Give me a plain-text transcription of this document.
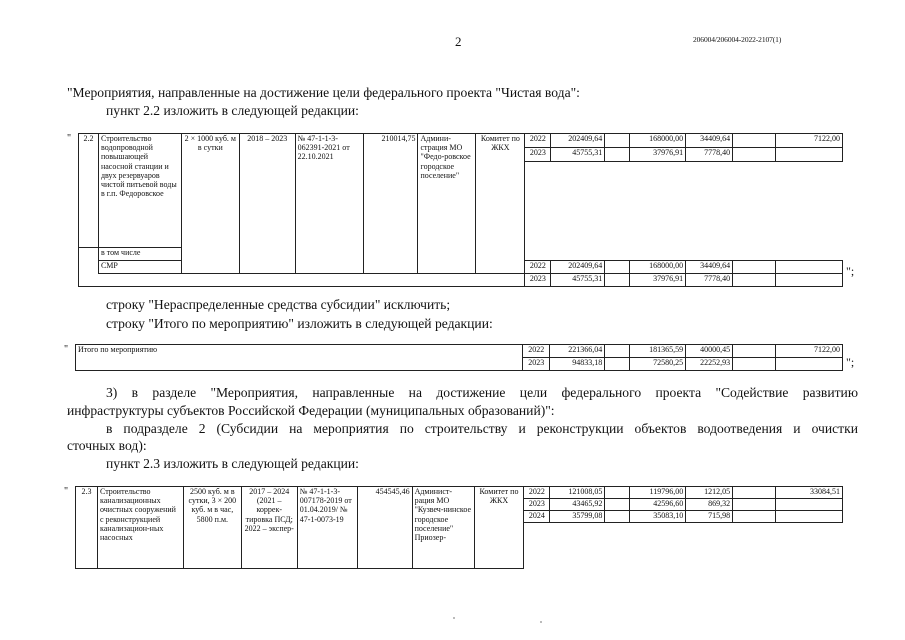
2	206004/206004-2022-2107(1)
"Мероприятия, направленные на достижение цели федерального проекта "Чистая вода":
пункт 2.2 изложить в следующей редакции:
" 2.2	Строительство водопроводной повышающей насосной станции и двух резервуаров чистой питьевой воды в г.п. Федоровское	2 × 1000 куб. м в сутки	2018 – 2023	№ 47-1-1-3-062391-2021 от 22.10.2021	210014,75	Админи-страция МО "Федо-ровское городское поселение"	Комитет по ЖКХ	2022	202409,64		168000,00	34409,64		7122,00
								2023	45755,31		37976,91	7778,40		

	в том числе													
	СМР							2022	202409,64		168000,00	34409,64		
								2023	45755,31		37976,91	7778,40		
";
строку "Нераспределенные средства субсидии" исключить;
строку "Итого по мероприятию" изложить в следующей редакции:
" Итого по мероприятию	2022	221366,04		181365,59	40000,45		7122,00
	2023	94833,18		72580,25	22252,93			";
3) в разделе "Мероприятия, направленные на достижение цели федерального проекта "Содействие развитию
инфраструктуры субъектов Российской Федерации (муниципальных образований)":
в подразделе 2 (Субсидии на мероприятия по строительству и реконструкции объектов водоотведения и очистки
сточных вод):
пункт 2.3 изложить в следующей редакции:
" 2.3	Строительство канализационных очистных сооружений с реконструкцией канализацион-ных насосных	2500 куб. м в сутки, 3 × 200 куб. м в час, 5800 п.м.	2017 – 2024 (2021 – коррек-тировка ПСД; 2022 – экспер-	№ 47-1-1-3-007178-2019 от 01.04.2019/ № 47-1-0073-19	454545,46	Админист-рация МО "Кузвеч-нинское городское поселение" Приозер-	Комитет по ЖКХ	2022	121008,05		119796,00	1212,05		33084,51
								2023	43465,92		42596,60	869,32		
								2024	35799,08		35083,10	715,98		
